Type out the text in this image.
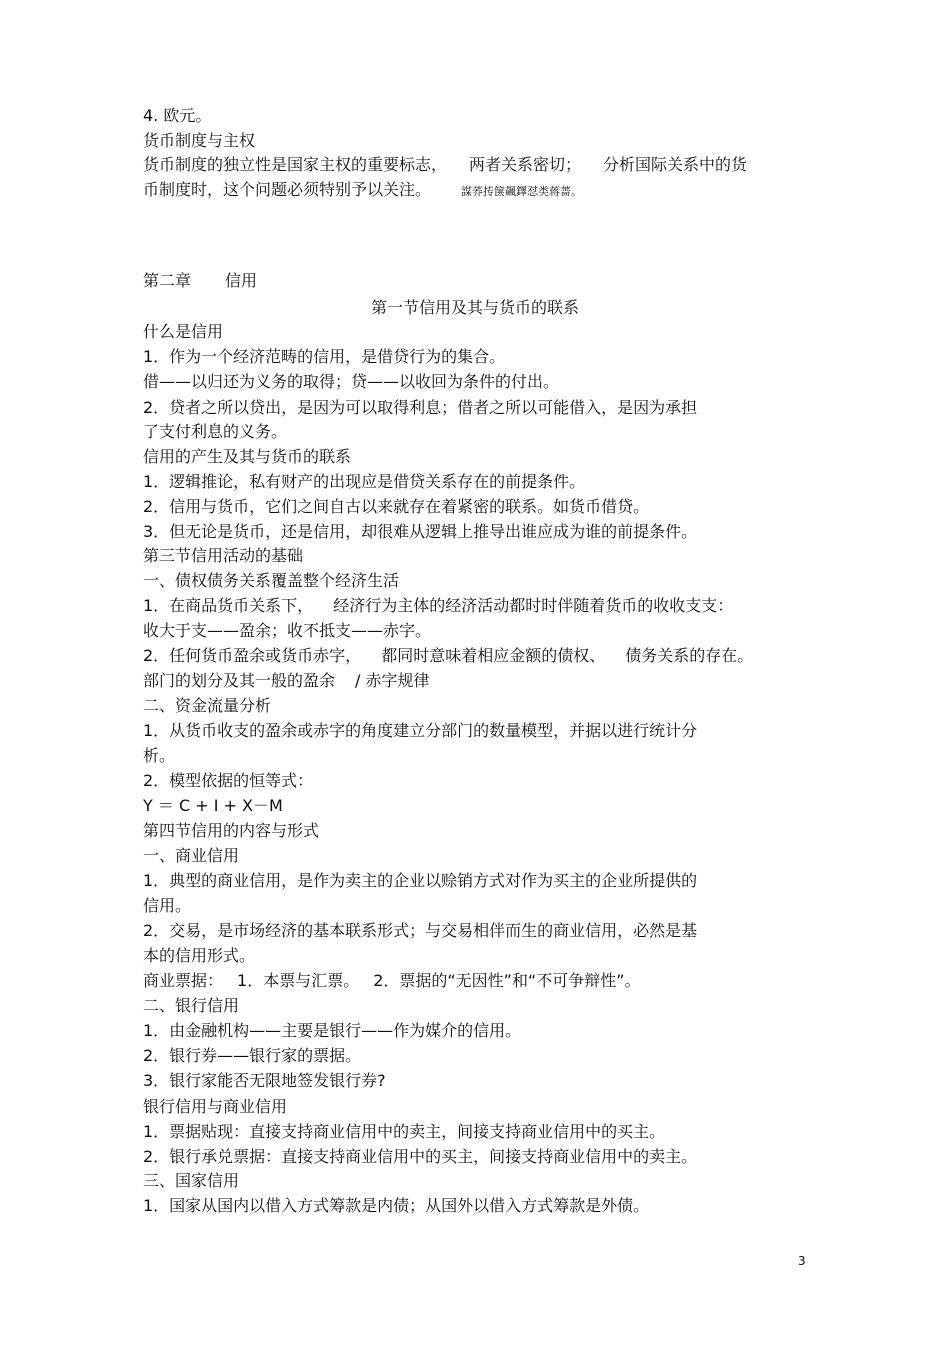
4. 欧元。
货币制度与主权
货币制度的独立性是国家主权的重要标志， 两者关系密切； 分析国际关系中的货
币制度时，这个问题必须特别予以关注。	謀荞抟箧飆鐸怼类蒋蔷。
第二章 信用
第一节信用及其与货币的联系
什么是信用
1．作为一个经济范畴的信用，是借贷行为的集合。
借——以归还为义务的取得；贷——以收回为条件的付出。
2．贷者之所以贷出，是因为可以取得利息；借者之所以可能借入，是因为承担
了支付利息的义务。
信用的产生及其与货币的联系
1．逻辑推论，私有财产的出现应是借贷关系存在的前提条件。
2．信用与货币，它们之间自古以来就存在着紧密的联系。如货币借贷。
3．但无论是货币，还是信用，却很难从逻辑上推导出谁应成为谁的前提条件。
第三节信用活动的基础
一、债权债务关系覆盖整个经济生活
1．在商品货币关系下， 经济行为主体的经济活动都时时伴随着货币的收收支支：
收大于支——盈余；收不抵支——赤字。
2．任何货币盈余或货币赤字， 都同时意味着相应金额的债权、 债务关系的存在。
部门的划分及其一般的盈余 / 赤字规律
二、资金流量分析
1．从货币收支的盈余或赤字的角度建立分部门的数量模型，并据以进行统计分
析。
2．模型依据的恒等式：
Y ＝ C + I + X－M
第四节信用的内容与形式
一、商业信用
1．典型的商业信用，是作为卖主的企业以赊销方式对作为买主的企业所提供的
信用。
2．交易，是市场经济的基本联系形式；与交易相伴而生的商业信用，必然是基
本的信用形式。
商业票据： 1．本票与汇票。 2．票据的“无因性”和“不可争辩性”。
二、银行信用
1．由金融机构——主要是银行——作为媒介的信用。
2．银行券——银行家的票据。
3．银行家能否无限地签发银行券?
银行信用与商业信用
1．票据贴现：直接支持商业信用中的卖主，间接支持商业信用中的买主。
2．银行承兑票据：直接支持商业信用中的买主，间接支持商业信用中的卖主。
三、国家信用
1．国家从国内以借入方式筹款是内债；从国外以借入方式筹款是外债。
3
